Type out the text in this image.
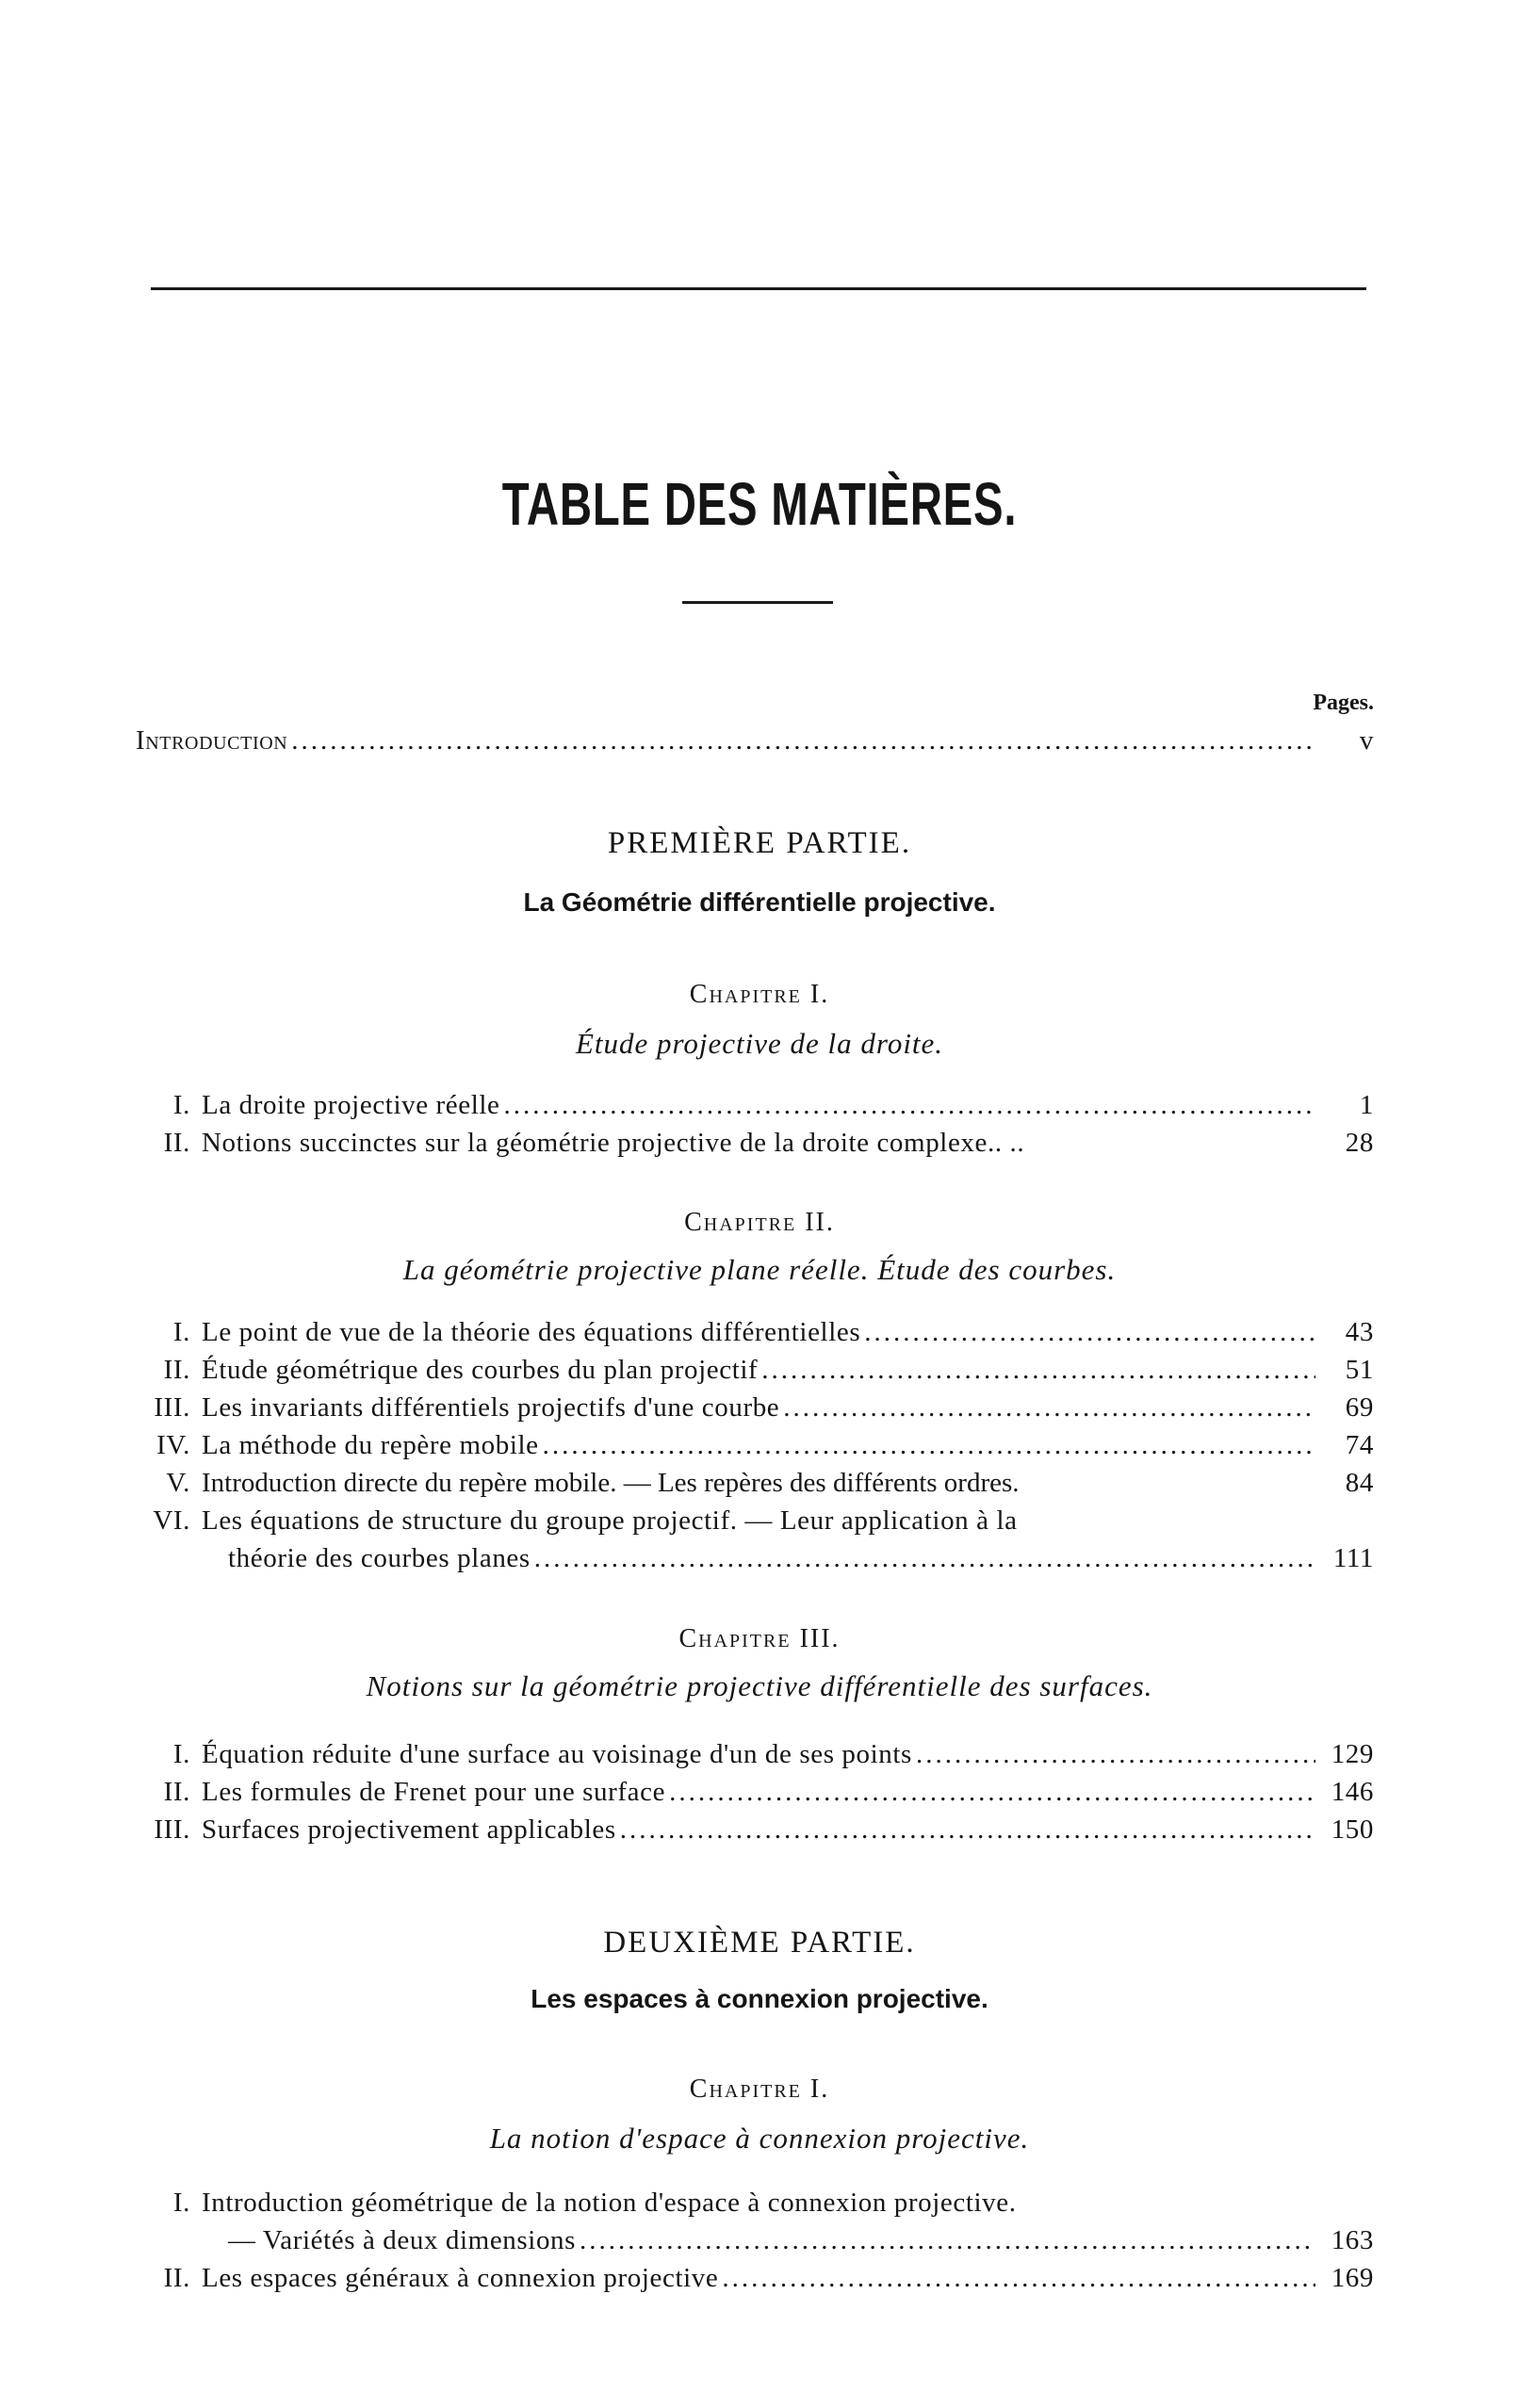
TABLE DES MATIÈRES.
Pages.
Introduction .....	v
PREMIÈRE PARTIE.
La Géométrie différentielle projective.
Chapitre I.
Étude projective de la droite.
I. La droite projective réelle .....	1
II. Notions succinctes sur la géométrie projective de la droite complexe.. ..	28
Chapitre II.
La géométrie projective plane réelle. Étude des courbes.
I. Le point de vue de la théorie des équations différentielles .....	43
II. Étude géométrique des courbes du plan projectif .....	51
III. Les invariants différentiels projectifs d'une courbe .....	69
IV. La méthode du repère mobile .....	74
V. Introduction directe du repère mobile. — Les repères des différents ordres.	84
VI. Les équations de structure du groupe projectif. — Leur application à la
théorie des courbes planes .....	111
Chapitre III.
Notions sur la géométrie projective différentielle des surfaces.
I. Équation réduite d'une surface au voisinage d'un de ses points .....	129
II. Les formules de Frenet pour une surface .....	146
III. Surfaces projectivement applicables .....	150
DEUXIÈME PARTIE.
Les espaces à connexion projective.
Chapitre I.
La notion d'espace à connexion projective.
I. Introduction géométrique de la notion d'espace à connexion projective.
— Variétés à deux dimensions .....	163
II. Les espaces généraux à connexion projective .....	169
